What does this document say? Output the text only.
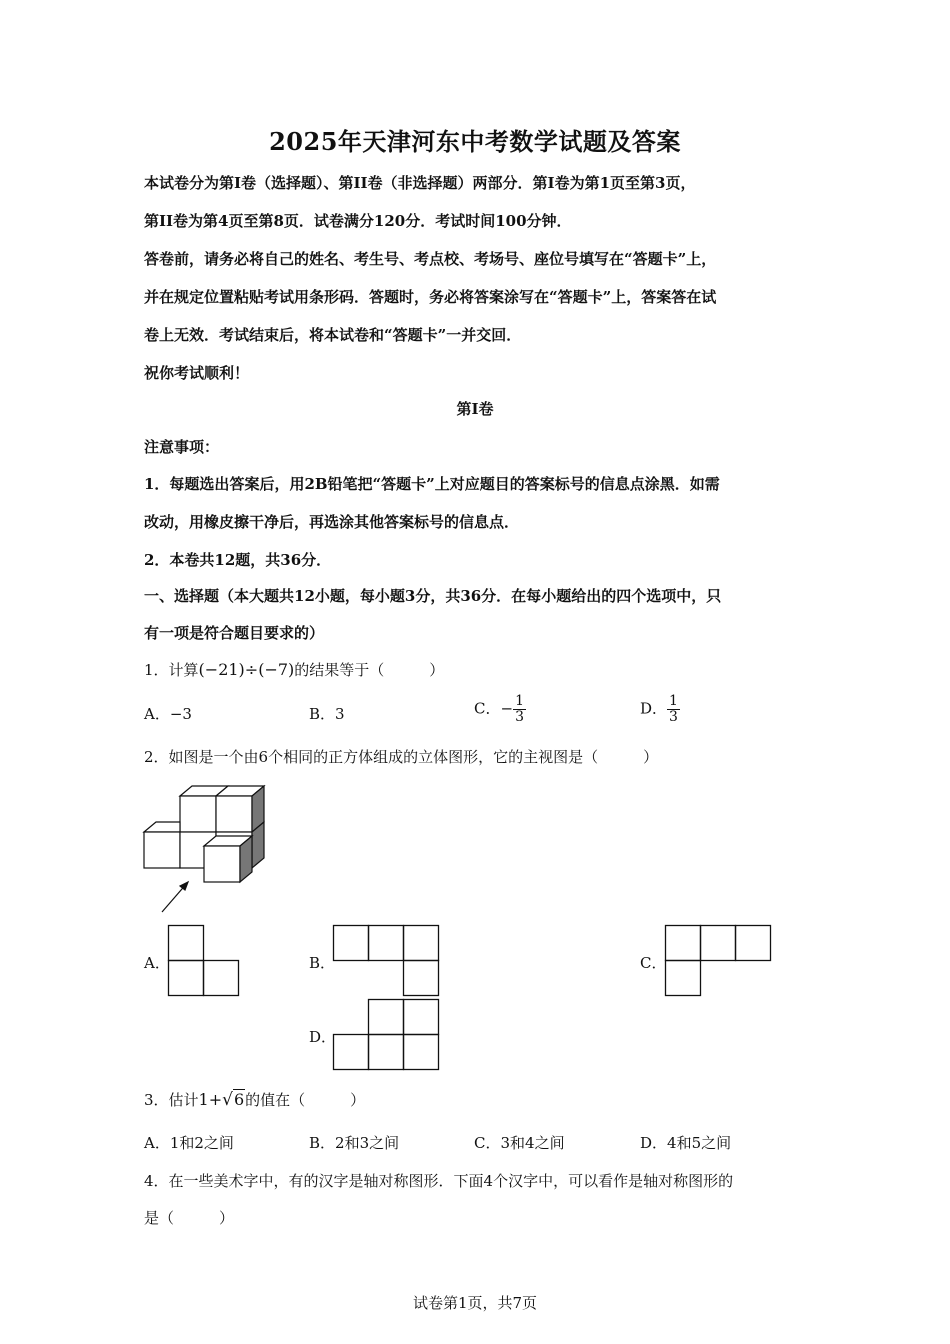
2025年天津河东中考数学试题及答案
本试卷分为第I卷（选择题）、第II卷（非选择题）两部分．第I卷为第1页至第3页，
第II卷为第4页至第8页．试卷满分120分．考试时间100分钟．
答卷前，请务必将自己的姓名、考生号、考点校、考场号、座位号填写在“答题卡”上，
并在规定位置粘贴考试用条形码．答题时，务必将答案涂写在“答题卡”上，答案答在试
卷上无效．考试结束后，将本试卷和“答题卡”一并交回．
祝你考试顺利！
第I卷
注意事项：
1．每题选出答案后，用2B铅笔把“答题卡”上对应题目的答案标号的信息点涂黑．如需
改动，用橡皮擦干净后，再选涂其他答案标号的信息点．
2．本卷共12题，共36分．
一、选择题（本大题共12小题，每小题3分，共36分．在每小题给出的四个选项中，只
有一项是符合题目要求的）
1．计算(−21)÷(−7)的结果等于（　　　）
A．−3	B．3	C．− $\frac{1}{3}$	D． $\frac{1}{3}$
2．如图是一个由6个相同的正方体组成的立体图形，它的主视图是（　　　）
A．	B．	C．
D．
3．估计1+√6的值在（　　　）
A．1和2之间	B．2和3之间	C．3和4之间	D．4和5之间
4．在一些美术字中，有的汉字是轴对称图形．下面4个汉字中，可以看作是轴对称图形的
是（　　　）
试卷第1页，共7页
